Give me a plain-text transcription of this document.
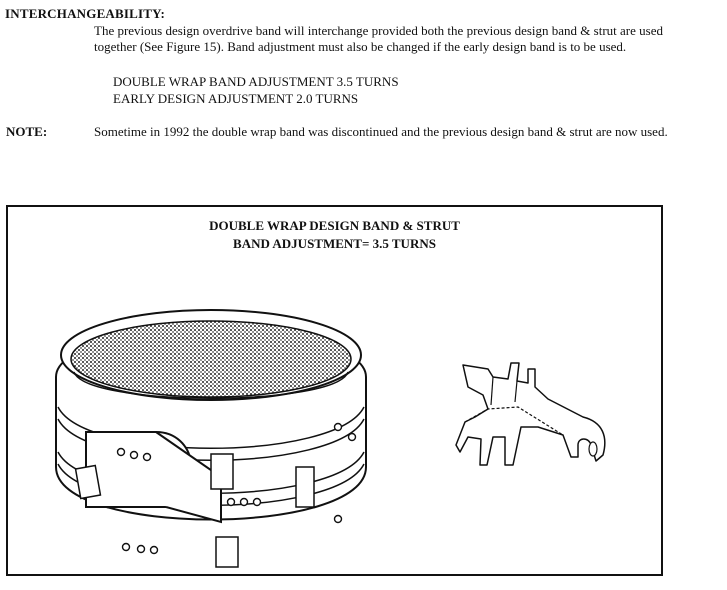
INTERCHANGEABILITY:
The previous design overdrive band will interchange provided both the previous design band & strut are used together (See Figure 15). Band adjustment must also be changed if the early design band is to be used.
DOUBLE WRAP BAND ADJUSTMENT 3.5 TURNS
EARLY DESIGN ADJUSTMENT 2.0 TURNS
NOTE:	Sometime in 1992 the double wrap band was discontinued and the previous design band & strut are now used.
DOUBLE WRAP DESIGN BAND & STRUT
BAND ADJUSTMENT= 3.5 TURNS
